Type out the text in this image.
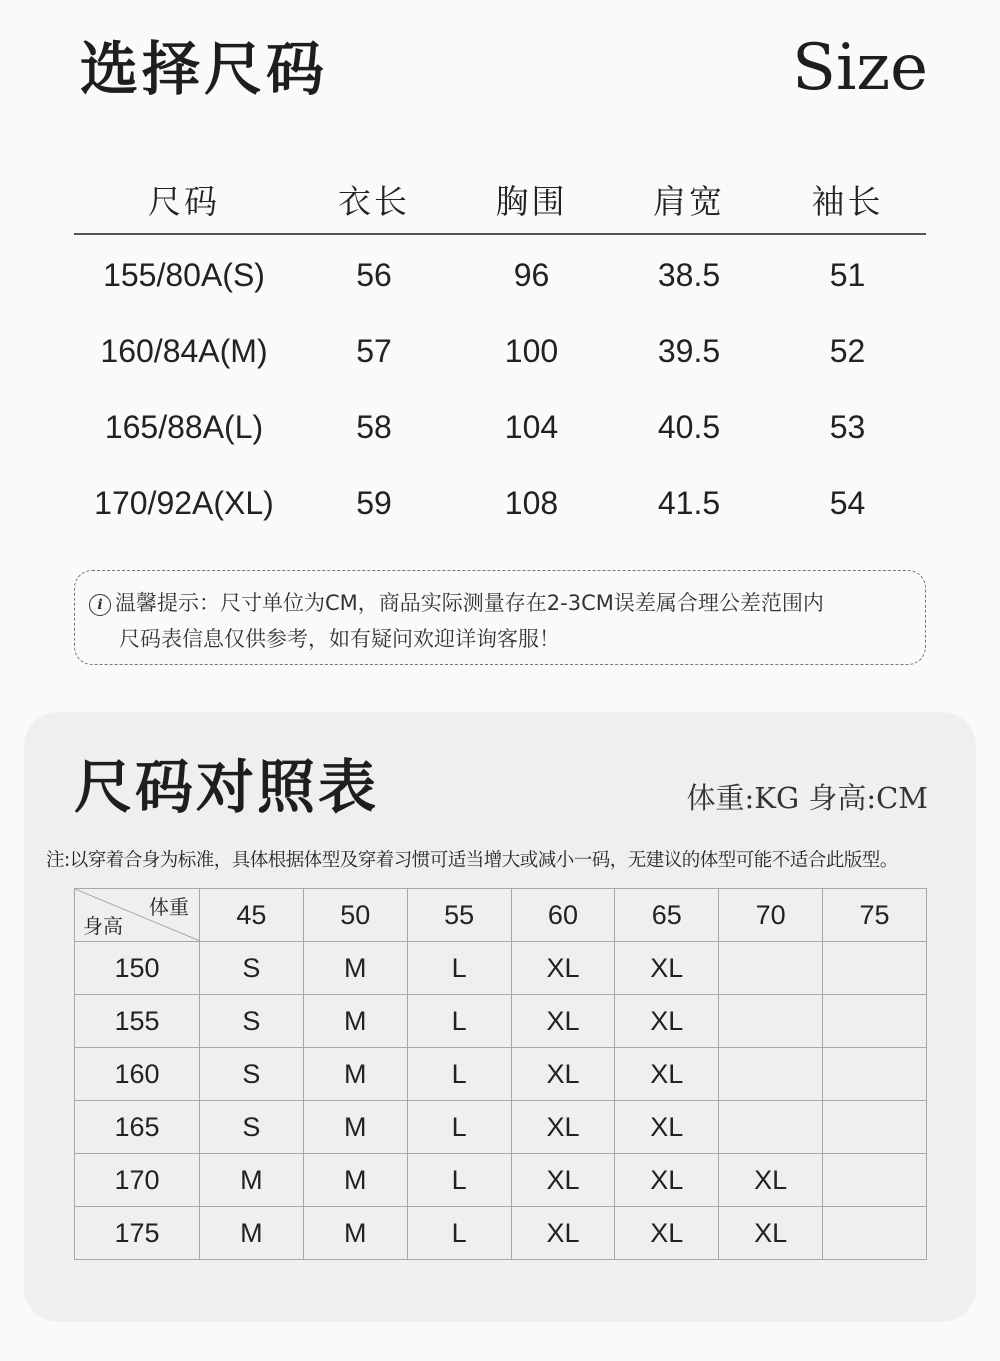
选择尺码	Size
尺码	衣长	胸围	肩宽	袖长
155/80A(S)	56	96	38.5	51
160/84A(M)	57	100	39.5	52
165/88A(L)	58	104	40.5	53
170/92A(XL)	59	108	41.5	54
i 温馨提示：尺寸单位为CM，商品实际测量存在2-3CM误差属合理公差范围内
尺码表信息仅供参考，如有疑问欢迎详询客服！
尺码对照表	体重:KG 身高:CM
注:以穿着合身为标准，具体根据体型及穿着习惯可适当增大或减小一码，无建议的体型可能不适合此版型。
体重
身高	45	50	55	60	65	70	75
150	S	M	L	XL	XL		
155	S	M	L	XL	XL		
160	S	M	L	XL	XL		
165	S	M	L	XL	XL		
170	M	M	L	XL	XL	XL	
175	M	M	L	XL	XL	XL	
